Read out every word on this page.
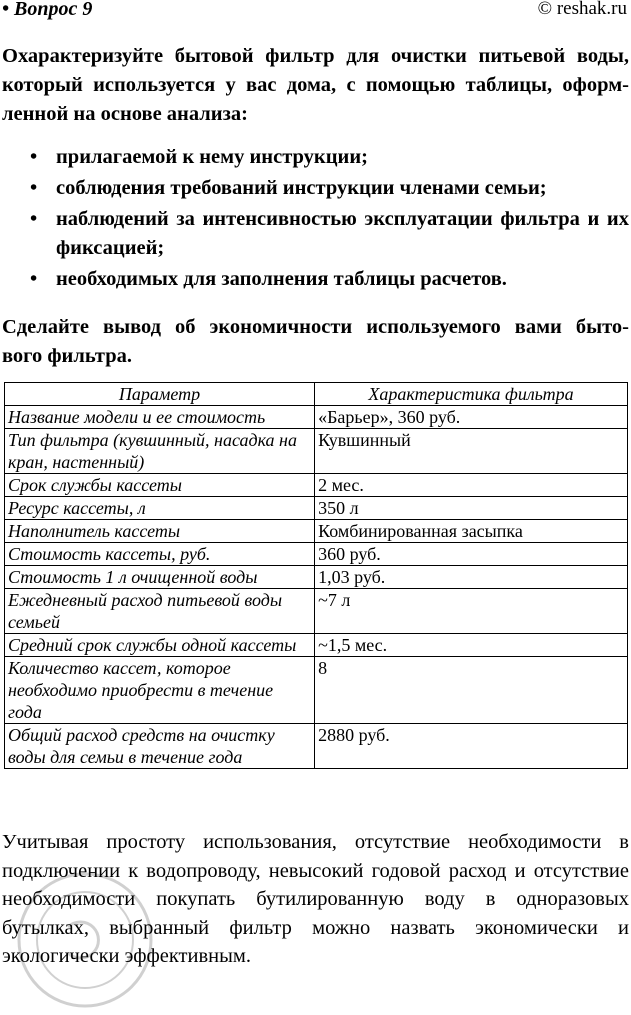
• Вопрос 9	© reshak.ru
Охарактеризуйте бытовой фильтр для очистки питьевой воды,
который используется у вас дома, с помощью таблицы, оформ-
ленной на основе анализа:
• прилагаемой к нему инструкции;
• соблюдения требований инструкции членами семьи;
• наблюдений за интенсивностью эксплуатации фильтра и их фиксацией;
• необходимых для заполнения таблицы расчетов.
Сделайте вывод об экономичности используемого вами быто-
вого фильтра.
Параметр	Характеристика фильтра
Название модели и ее стоимость	«Барьер», 360 руб.
Тип фильтра (кувшинный, насадка на кран, настенный)	Кувшинный
Срок службы кассеты	2 мес.
Ресурс кассеты, л	350 л
Наполнитель кассеты	Комбинированная засыпка
Стоимость кассеты, руб.	360 руб.
Стоимость 1 л очищенной воды	1,03 руб.
Ежедневный расход питьевой воды семьей	~7 л
Средний срок службы одной кассеты	~1,5 мес.
Количество кассет, которое необходимо приобрести в течение года	8
Общий расход средств на очистку воды для семьи в течение года	2880 руб.
Учитывая простоту использования, отсутствие необходимости в подключении к водопроводу, невысокий годовой расход и отсутствие необходимости покупать бутилированную воду в одноразовых бутылках, выбранный фильтр можно назвать экономически и экологически эффективным.
